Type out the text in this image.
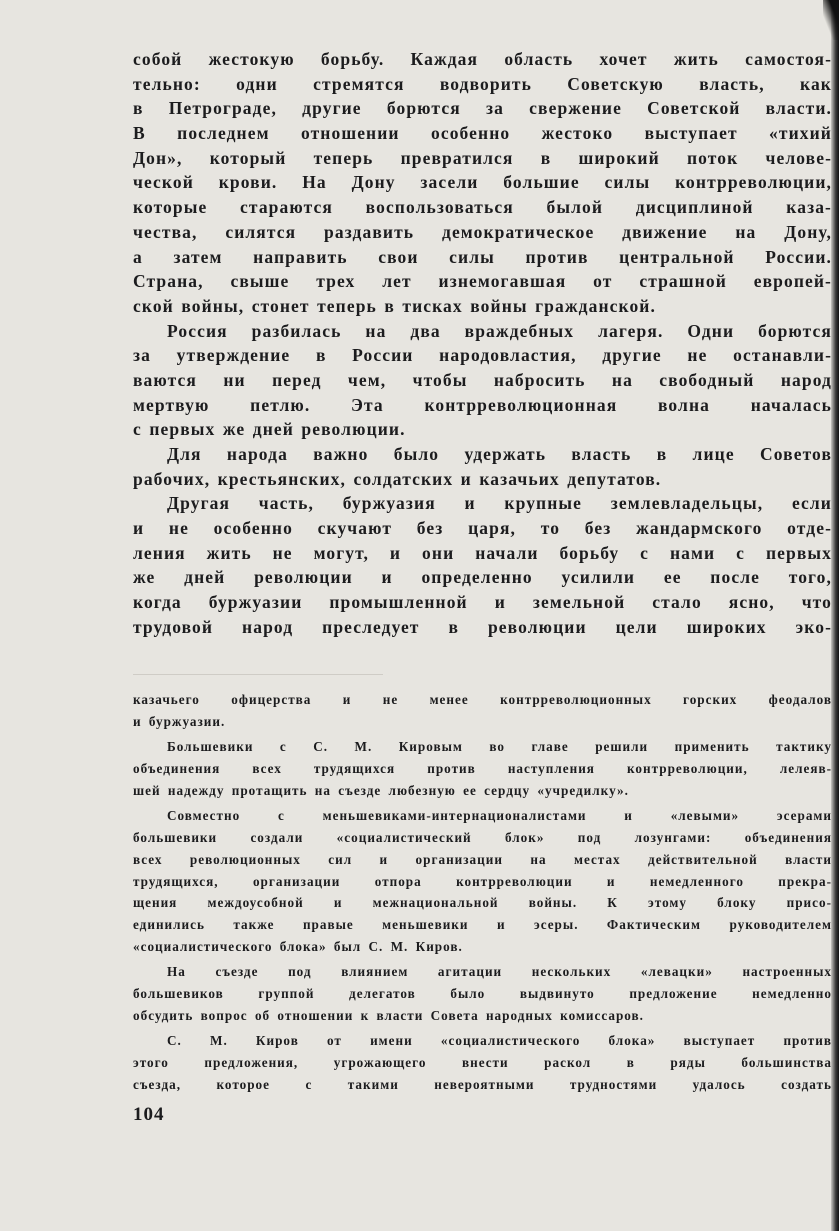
собой жестокую борьбу. Каждая область хочет жить самостоя-
тельно: одни стремятся водворить Советскую власть, как
в Петрограде, другие борются за свержение Советской власти.
В последнем отношении особенно жестоко выступает «тихий
Дон», который теперь превратился в широкий поток челове-
ческой крови. На Дону засели большие силы контрреволюции,
которые стараются воспользоваться былой дисциплиной каза-
чества, силятся раздавить демократическое движение на Дону,
а затем направить свои силы против центральной России.
Страна, свыше трех лет изнемогавшая от страшной европей-
ской войны, стонет теперь в тисках войны гражданской.
Россия разбилась на два враждебных лагеря. Одни борются
за утверждение в России народовластия, другие не останавли-
ваются ни перед чем, чтобы набросить на свободный народ
мертвую петлю. Эта контрреволюционная волна началась
с первых же дней революции.
Для народа важно было удержать власть в лице Советов
рабочих, крестьянских, солдатских и казачьих депутатов.
Другая часть, буржуазия и крупные землевладельцы, если
и не особенно скучают без царя, то без жандармского отде-
ления жить не могут, и они начали борьбу с нами с первых
же дней революции и определенно усилили ее после того,
когда буржуазии промышленной и земельной стало ясно, что
трудовой народ преследует в революции цели широких эко-
казачьего офицерства и не менее контрреволюционных горских феодалов
и буржуазии.
Большевики с С. М. Кировым во главе решили применить тактику
объединения всех трудящихся против наступления контрреволюции, лелеяв-
шей надежду протащить на съезде любезную ее сердцу «учредилку».
Совместно с меньшевиками-интернационалистами и «левыми» эсерами
большевики создали «социалистический блок» под лозунгами: объединения
всех революционных сил и организации на местах действительной власти
трудящихся, организации отпора контрреволюции и немедленного прекра-
щения междоусобной и межнациональной войны. К этому блоку присо-
единились также правые меньшевики и эсеры. Фактическим руководителем
«социалистического блока» был С. М. Киров.
На съезде под влиянием агитации нескольких «левацки» настроенных
большевиков группой делегатов было выдвинуто предложение немедленно
обсудить вопрос об отношении к власти Совета народных комиссаров.
С. М. Киров от имени «социалистического блока» выступает против
этого предложения, угрожающего внести раскол в ряды большинства
съезда, которое с такими невероятными трудностями удалось создать
104
